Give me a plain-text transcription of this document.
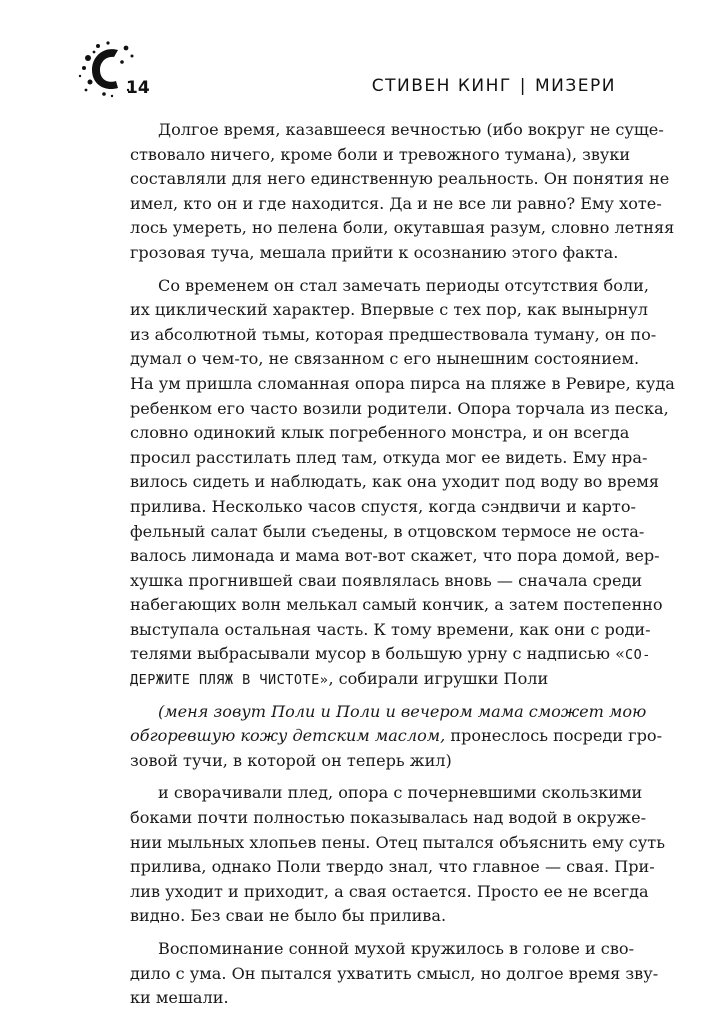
14	СТИВЕН КИНГ | МИЗЕРИ
Долгое время, казавшееся вечностью (ибо вокруг не суще-
ствовало ничего, кроме боли и тревожного тумана), звуки
составляли для него единственную реальность. Он понятия не
имел, кто он и где находится. Да и не все ли равно? Ему хоте-
лось умереть, но пелена боли, окутавшая разум, словно летняя
грозовая туча, мешала прийти к осознанию этого факта.
Со временем он стал замечать периоды отсутствия боли,
их циклический характер. Впервые с тех пор, как вынырнул
из абсолютной тьмы, которая предшествовала туману, он по-
думал о чем-то, не связанном с его нынешним состоянием.
На ум пришла сломанная опора пирса на пляже в Ревире, куда
ребенком его часто возили родители. Опора торчала из песка,
словно одинокий клык погребенного монстра, и он всегда
просил расстилать плед там, откуда мог ее видеть. Ему нра-
вилось сидеть и наблюдать, как она уходит под воду во время
прилива. Несколько часов спустя, когда сэндвичи и карто-
фельный салат были съедены, в отцовском термосе не оста-
валось лимонада и мама вот-вот скажет, что пора домой, вер-
хушка прогнившей сваи появлялась вновь — сначала среди
набегающих волн мелькал самый кончик, а затем постепенно
выступала остальная часть. К тому времени, как они с роди-
телями выбрасывали мусор в большую урну с надписью «СО-
ДЕРЖИТЕ ПЛЯЖ В ЧИСТОТЕ», собирали игрушки Поли
(меня зовут Поли и Поли и вечером мама сможет мою
обгоревшую кожу детским маслом, пронеслось посреди гро-
зовой тучи, в которой он теперь жил)
и сворачивали плед, опора с почерневшими скользкими
боками почти полностью показывалась над водой в окруже-
нии мыльных хлопьев пены. Отец пытался объяснить ему суть
прилива, однако Поли твердо знал, что главное — свая. При-
лив уходит и приходит, а свая остается. Просто ее не всегда
видно. Без сваи не было бы прилива.
Воспоминание сонной мухой кружилось в голове и сво-
дило с ума. Он пытался ухватить смысл, но долгое время зву-
ки мешали.
